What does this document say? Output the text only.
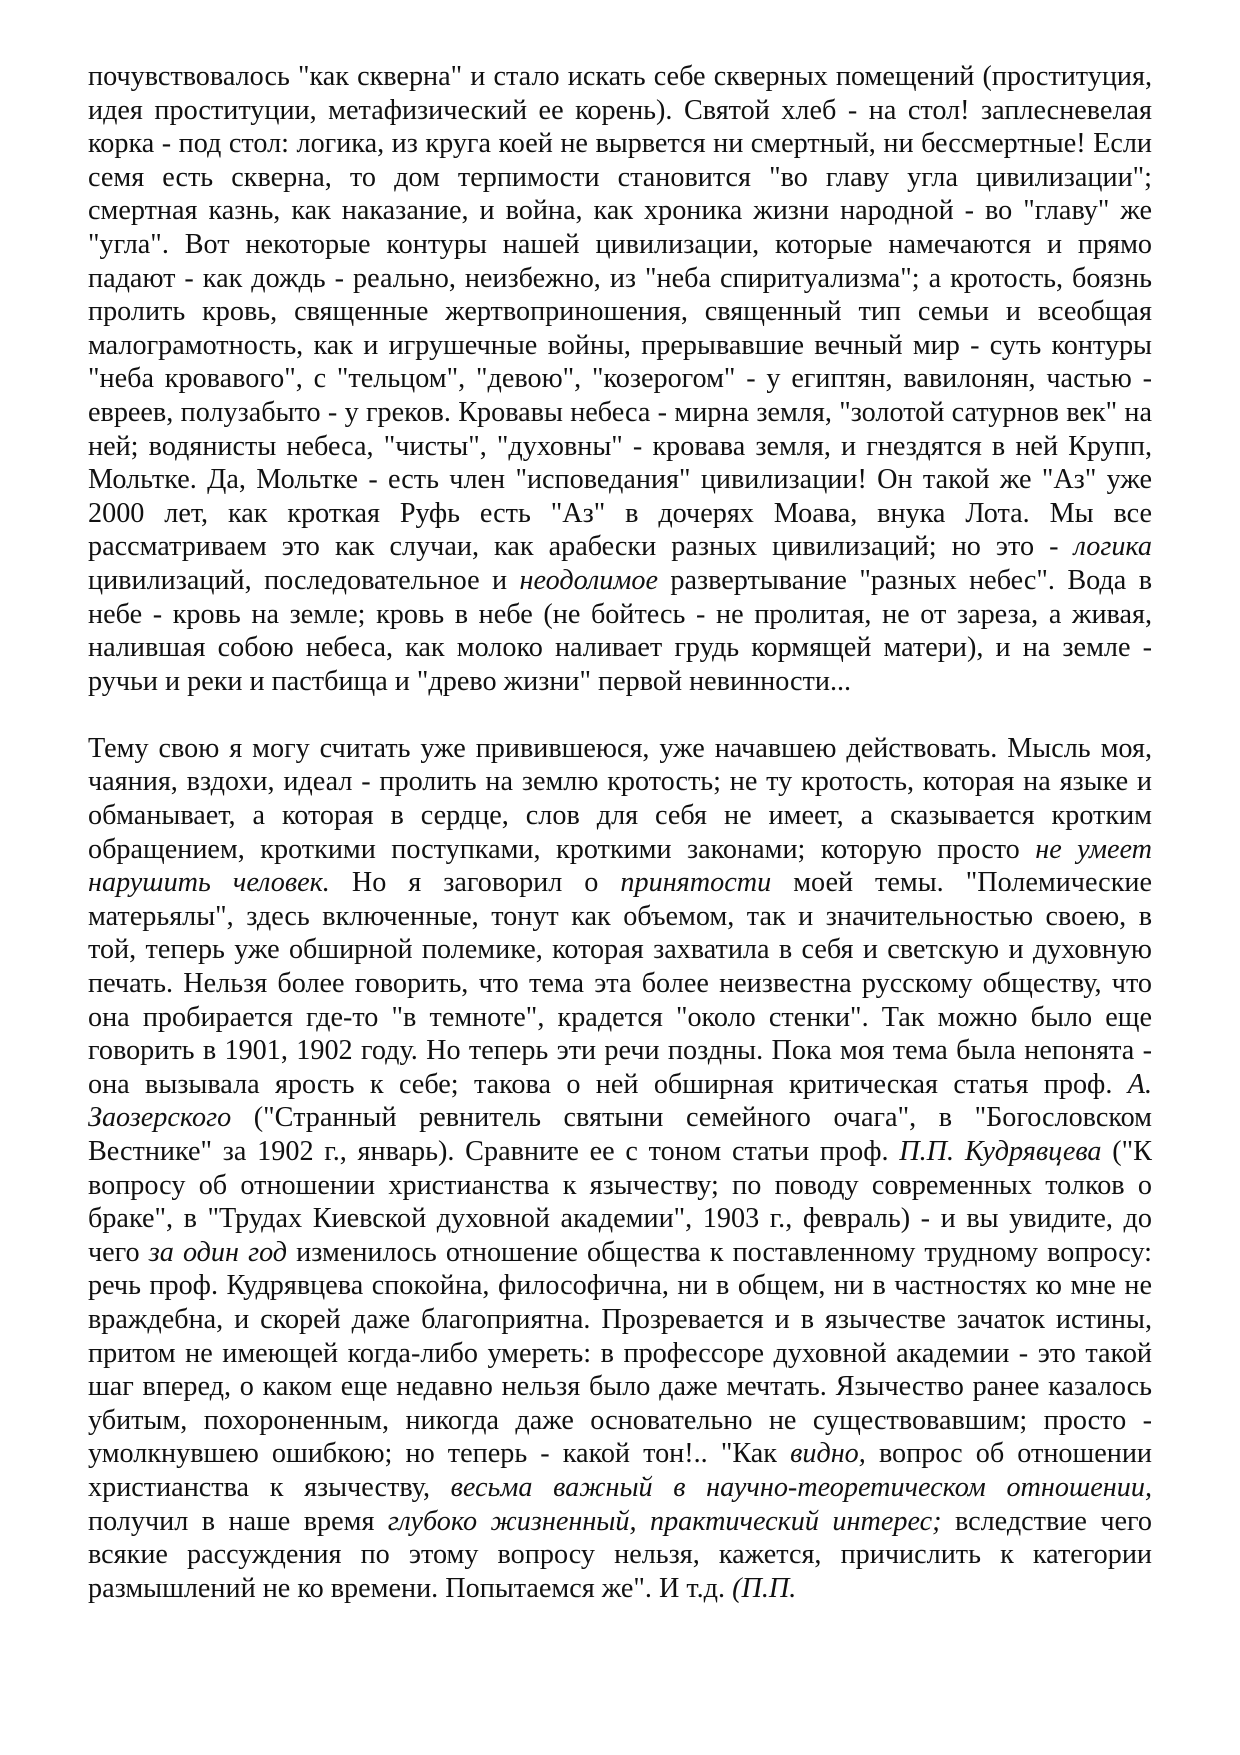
почувствовалось "как скверна" и стало искать себе скверных помещений (проституция, идея проституции, метафизический ее корень). Святой хлеб - на стол! заплесневелая корка - под стол: логика, из круга коей не вырвется ни смертный, ни бессмертные! Если семя есть скверна, то дом терпимости становится "во главу угла цивилизации"; смертная казнь, как наказание, и война, как хроника жизни народной - во "главу" же "угла". Вот некоторые контуры нашей цивилизации, которые намечаются и прямо падают - как дождь - реально, неизбежно, из "неба спиритуализма"; а кротость, боязнь пролить кровь, священные жертвоприношения, священный тип семьи и всеобщая малограмотность, как и игрушечные войны, прерывавшие вечный мир - суть контуры "неба кровавого", с "тельцом", "девою", "козерогом" - у египтян, вавилонян, частью - евреев, полузабыто - у греков. Кровавы небеса - мирна земля, "золотой сатурнов век" на ней; водянисты небеса, "чисты", "духовны" - кровава земля, и гнездятся в ней Крупп, Мольтке. Да, Мольтке - есть член "исповедания" цивилизации! Он такой же "Аз" уже 2000 лет, как кроткая Руфь есть "Аз" в дочерях Моава, внука Лота. Мы все рассматриваем это как случаи, как арабески разных цивилизаций; но это - логика цивилизаций, последовательное и неодолимое развертывание "разных небес". Вода в небе - кровь на земле; кровь в небе (не бойтесь - не пролитая, не от зареза, а живая, налившая собою небеса, как молоко наливает грудь кормящей матери), и на земле - ручьи и реки и пастбища и "древо жизни" первой невинности...

Тему свою я могу считать уже привившеюся, уже начавшею действовать. Мысль моя, чаяния, вздохи, идеал - пролить на землю кротость; не ту кротость, которая на языке и обманывает, а которая в сердце, слов для себя не имеет, а сказывается кротким обращением, кроткими поступками, кроткими законами; которую просто не умеет нарушить человек. Но я заговорил о принятости моей темы. "Полемические матерьялы", здесь включенные, тонут как объемом, так и значительностью своею, в той, теперь уже обширной полемике, которая захватила в себя и светскую и духовную печать. Нельзя более говорить, что тема эта более неизвестна русскому обществу, что она пробирается где-то "в темноте", крадется "около стенки". Так можно было еще говорить в 1901, 1902 году. Но теперь эти речи поздны. Пока моя тема была непонята - она вызывала ярость к себе; такова о ней обширная критическая статья проф. А. Заозерского ("Странный ревнитель святыни семейного очага", в "Богословском Вестнике" за 1902 г., январь). Сравните ее с тоном статьи проф. П.П. Кудрявцева ("К вопросу об отношении христианства к язычеству; по поводу современных толков о браке", в "Трудах Киевской духовной академии", 1903 г., февраль) - и вы увидите, до чего за один год изменилось отношение общества к поставленному трудному вопросу: речь проф. Кудрявцева спокойна, философична, ни в общем, ни в частностях ко мне не враждебна, и скорей даже благоприятна. Прозревается и в язычестве зачаток истины, притом не имеющей когда-либо умереть: в профессоре духовной академии - это такой шаг вперед, о каком еще недавно нельзя было даже мечтать. Язычество ранее казалось убитым, похороненным, никогда даже основательно не существовавшим; просто - умолкнувшею ошибкою; но теперь - какой тон!.. "Как видно, вопрос об отношении христианства к язычеству, весьма важный в научно-теоретическом отношении, получил в наше время глубоко жизненный, практический интерес; вследствие чего всякие рассуждения по этому вопросу нельзя, кажется, причислить к категории размышлений не ко времени. Попытаемся же". И т.д. (П.П.
